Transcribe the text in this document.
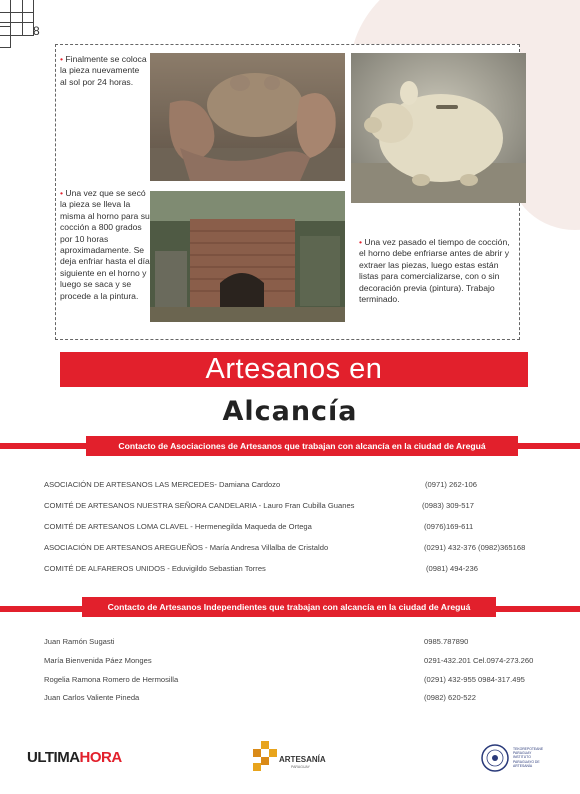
8
• Finalmente se coloca la pieza nuevamente al sol por 24 horas.
• Una vez que se secó la pieza se lleva la misma al horno para su cocción a 800 grados por 10 horas aproximadamente. Se deja enfriar hasta el día siguiente en el horno y luego se saca y se procede a la pintura.
• Una vez pasado el tiempo de cocción, el horno debe enfriarse antes de abrir y extraer las piezas, luego estas están listas para comercializarse, con o sin decoración previa (pintura). Trabajo terminado.
Artesanos en
Alcancía
Contacto de Asociaciones de Artesanos que trabajan con alcancía en la ciudad de Areguá
ASOCIACIÓN DE ARTESANOS LAS MERCEDES- Damiana Cardozo	(0971) 262-106
COMITÉ DE ARTESANOS NUESTRA SEÑORA CANDELARIA - Lauro Fran Cubilla Guanes	(0983) 309-517
COMITÉ DE ARTESANOS LOMA CLAVEL - Hermenegilda Maqueda de Ortega	(0976)169-611
ASOCIACIÓN DE ARTESANOS AREGUEÑOS - María Andresa Villalba de Cristaldo	(0291) 432-376 (0982)365168
COMITÉ DE ALFAREROS UNIDOS - Eduvigildo Sebastian Torres	(0981) 494-236
Contacto de Artesanos Independientes que trabajan con alcancía en la ciudad de Areguá
Juan Ramón Sugasti	0985.787890
María Bienvenida Páez Monges	0291-432.201 Cel.0974-273.260
Rogelia Ramona Romero de Hermosilla	(0291) 432-955 0984-317.495
Juan Carlos Valiente Pineda	(0982) 620-522
ULTIMAHORA	ARTESANÍA
PARAGUAY
TEKOREPOTEANE
PARAGUAY
INSTITUTO
PARAGUAYO DE
ARTESANÍA
